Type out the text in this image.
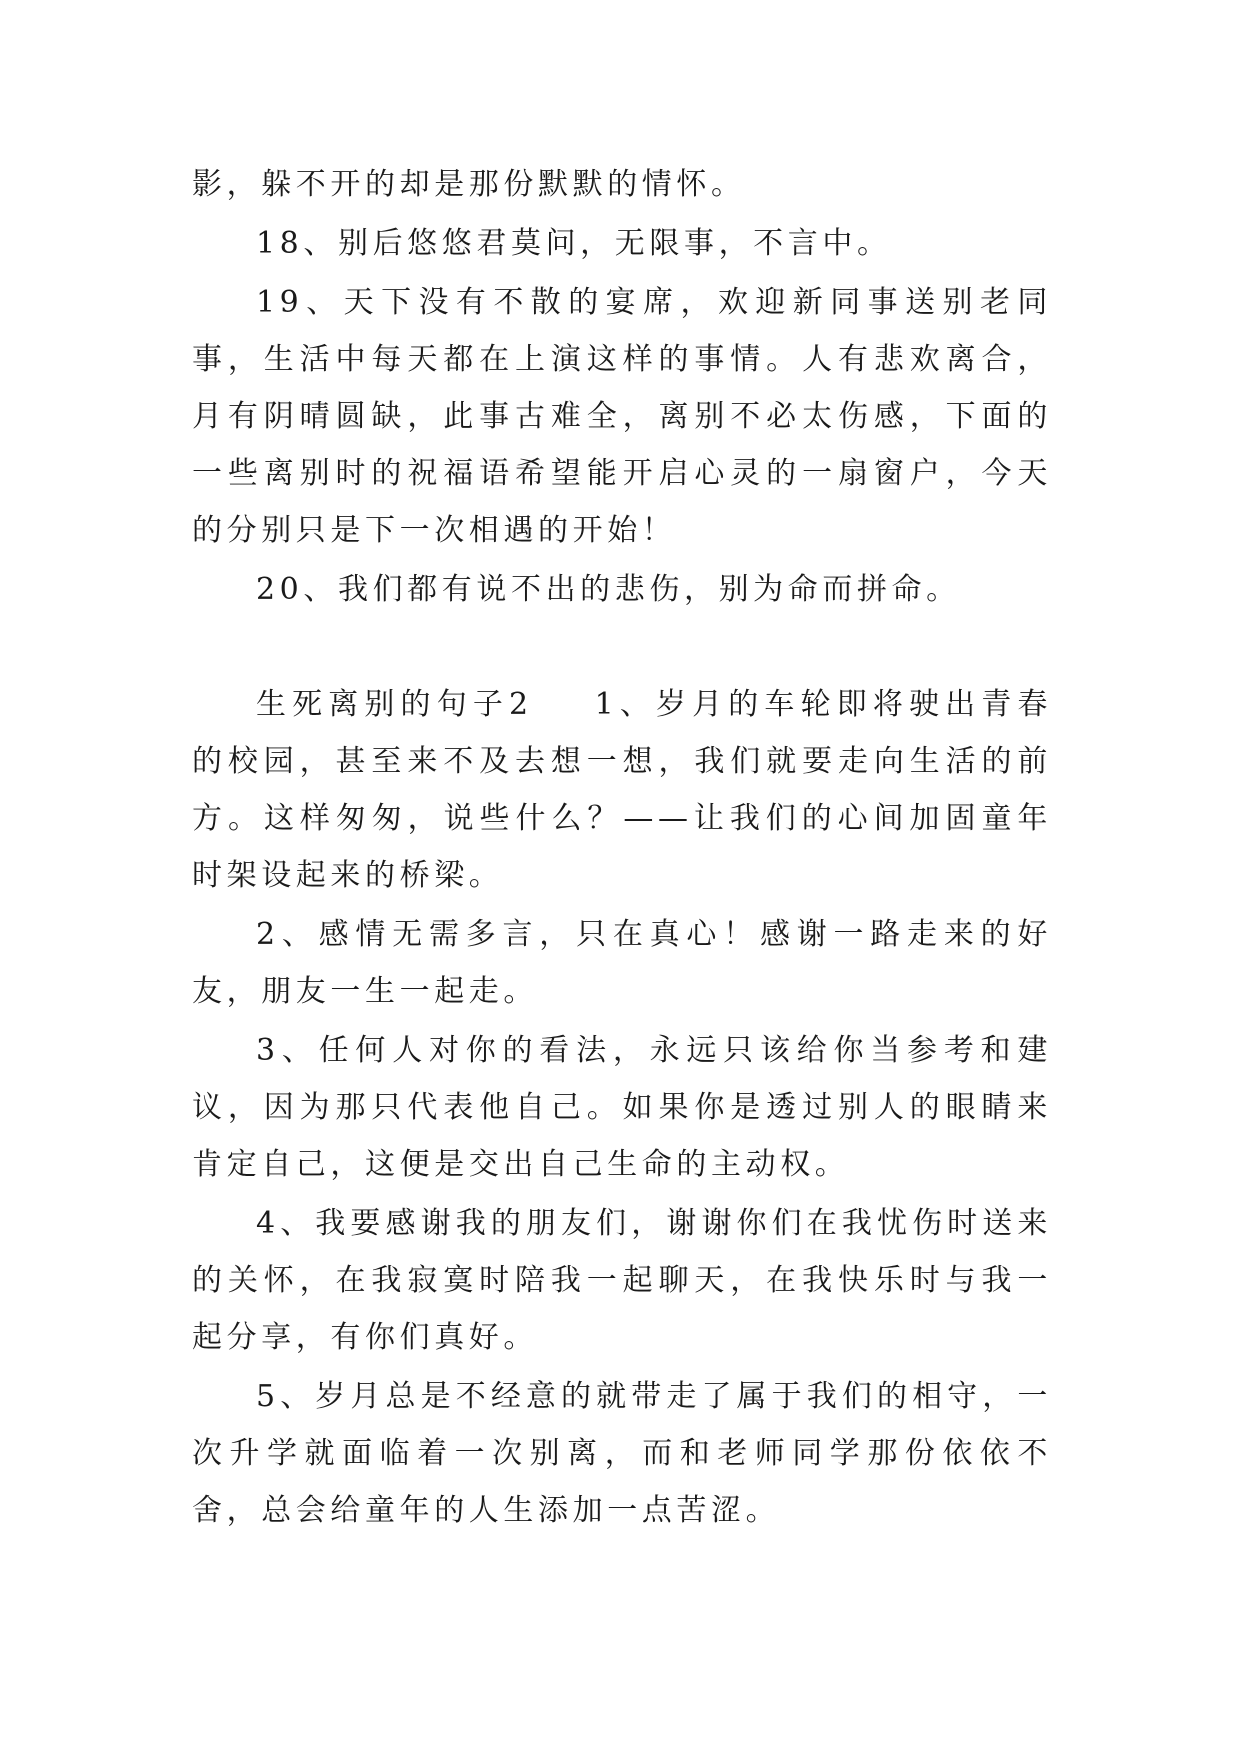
影，躲不开的却是那份默默的情怀。

18、别后悠悠君莫问，无限事，不言中。

19、天下没有不散的宴席，欢迎新同事送别老同事，生活中每天都在上演这样的事情。人有悲欢离合，月有阴晴圆缺，此事古难全，离别不必太伤感，下面的一些离别时的祝福语希望能开启心灵的一扇窗户，今天的分别只是下一次相遇的开始！

20、我们都有说不出的悲伤，别为命而拼命。

生死离别的句子2 1、岁月的车轮即将驶出青春的校园，甚至来不及去想一想，我们就要走向生活的前方。这样匆匆，说些什么？——让我们的心间加固童年时架设起来的桥梁。

2、感情无需多言，只在真心！感谢一路走来的好友，朋友一生一起走。

3、任何人对你的看法，永远只该给你当参考和建议，因为那只代表他自己。如果你是透过别人的眼睛来肯定自己，这便是交出自己生命的主动权。

4、我要感谢我的朋友们，谢谢你们在我忧伤时送来的关怀，在我寂寞时陪我一起聊天，在我快乐时与我一起分享，有你们真好。

5、岁月总是不经意的就带走了属于我们的相守，一次升学就面临着一次别离，而和老师同学那份依依不舍，总会给童年的人生添加一点苦涩。
